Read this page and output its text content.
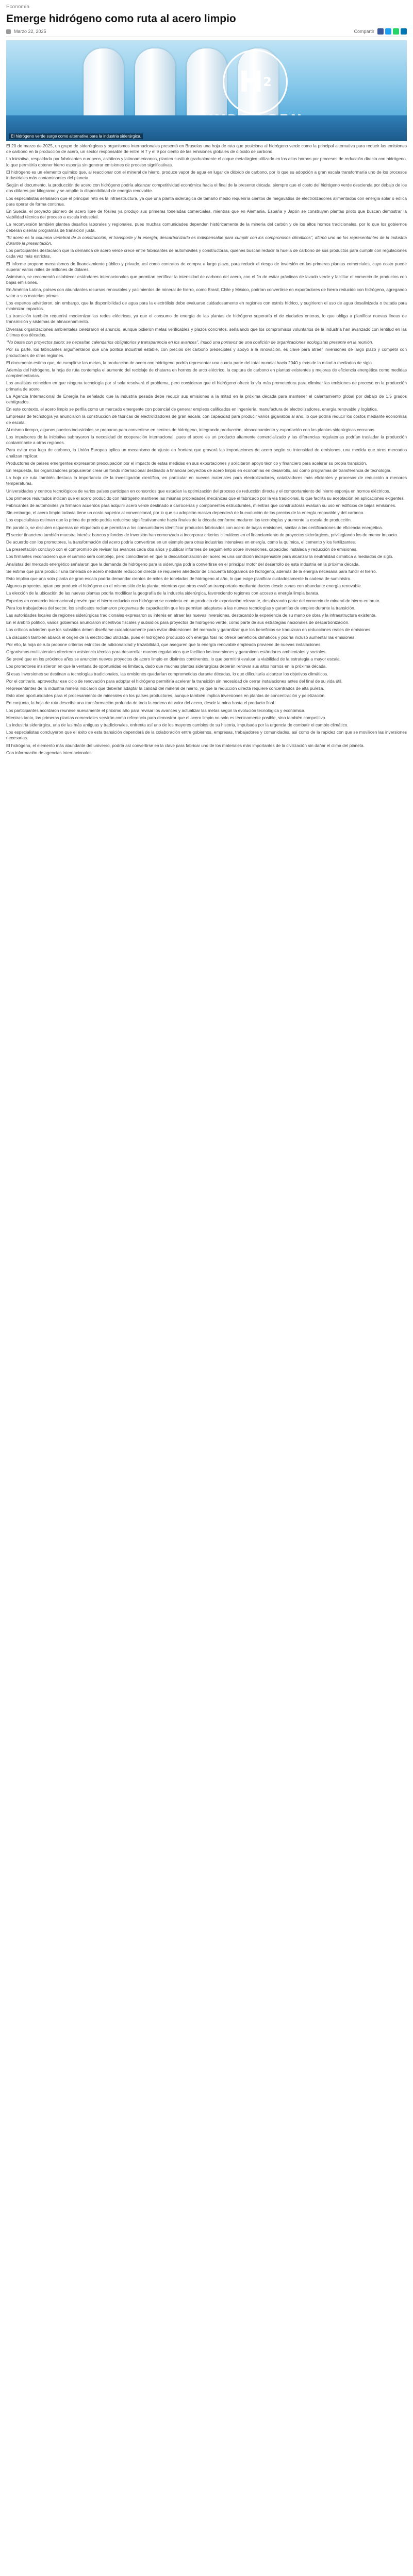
Economía
Emerge hidrógeno como ruta al acero limpio
Marzo 22, 2025	Compartir
H 2
El hidrógeno verde surge como alternativa para la industria siderúrgica.

El 20 de marzo de 2025, un grupo de siderúrgicas y organismos internacionales presentó en Bruselas una hoja de ruta que posiciona al hidrógeno verde como la principal alternativa para reducir las emisiones de carbono en la producción de acero, un sector responsable de entre el 7 y el 9 por ciento de las emisiones globales de dióxido de carbono.

La iniciativa, respaldada por fabricantes europeos, asiáticos y latinoamericanos, plantea sustituir gradualmente el coque metalúrgico utilizado en los altos hornos por procesos de reducción directa con hidrógeno, lo que permitiría obtener hierro esponja sin generar emisiones de proceso significativas.

El hidrógeno es un elemento químico que, al reaccionar con el mineral de hierro, produce vapor de agua en lugar de dióxido de carbono, por lo que su adopción a gran escala transformaría uno de los procesos industriales más contaminantes del planeta.

Según el documento, la producción de acero con hidrógeno podría alcanzar competitividad económica hacia el final de la presente década, siempre que el costo del hidrógeno verde descienda por debajo de los dos dólares por kilogramo y se amplíe la disponibilidad de energía renovable.

Los especialistas señalaron que el principal reto es la infraestructura, ya que una planta siderúrgica de tamaño medio requeriría cientos de megavatios de electrolizadores alimentados con energía solar o eólica para operar de forma continua.

En Suecia, el proyecto pionero de acero libre de fósiles ya produjo sus primeras toneladas comerciales, mientras que en Alemania, España y Japón se construyen plantas piloto que buscan demostrar la viabilidad técnica del proceso a escala industrial.

La reconversión también plantea desafíos laborales y regionales, pues muchas comunidades dependen históricamente de la minería del carbón y de los altos hornos tradicionales, por lo que los gobiernos deberán diseñar programas de transición justa.

“El acero es la columna vertebral de la construcción, el transporte y la energía; descarbonizarlo es indispensable para cumplir con los compromisos climáticos”, afirmó uno de los representantes de la industria durante la presentación.

Los participantes destacaron que la demanda de acero verde crece entre fabricantes de automóviles y constructoras, quienes buscan reducir la huella de carbono de sus productos para cumplir con regulaciones cada vez más estrictas.

El informe propone mecanismos de financiamiento público y privado, así como contratos de compra a largo plazo, para reducir el riesgo de inversión en las primeras plantas comerciales, cuyo costo puede superar varios miles de millones de dólares.

Asimismo, se recomendó establecer estándares internacionales que permitan certificar la intensidad de carbono del acero, con el fin de evitar prácticas de lavado verde y facilitar el comercio de productos con bajas emisiones.

En América Latina, países con abundantes recursos renovables y yacimientos de mineral de hierro, como Brasil, Chile y México, podrían convertirse en exportadores de hierro reducido con hidrógeno, agregando valor a sus materias primas.

Los expertos advirtieron, sin embargo, que la disponibilidad de agua para la electrólisis debe evaluarse cuidadosamente en regiones con estrés hídrico, y sugirieron el uso de agua desalinizada o tratada para minimizar impactos.

La transición también requerirá modernizar las redes eléctricas, ya que el consumo de energía de las plantas de hidrógeno superaría el de ciudades enteras, lo que obliga a planificar nuevas líneas de transmisión y sistemas de almacenamiento.

Diversas organizaciones ambientales celebraron el anuncio, aunque pidieron metas verificables y plazos concretos, señalando que los compromisos voluntarios de la industria han avanzado con lentitud en las últimas dos décadas.

“No basta con proyectos piloto; se necesitan calendarios obligatorios y transparencia en los avances”, indicó una portavoz de una coalición de organizaciones ecologistas presente en la reunión.

Por su parte, los fabricantes argumentaron que una política industrial estable, con precios del carbono predecibles y apoyo a la innovación, es clave para atraer inversiones de largo plazo y competir con productores de otras regiones.

El documento estima que, de cumplirse las metas, la producción de acero con hidrógeno podría representar una cuarta parte del total mundial hacia 2040 y más de la mitad a mediados de siglo.

Además del hidrógeno, la hoja de ruta contempla el aumento del reciclaje de chatarra en hornos de arco eléctrico, la captura de carbono en plantas existentes y mejoras de eficiencia energética como medidas complementarias.

Los analistas coinciden en que ninguna tecnología por sí sola resolverá el problema, pero consideran que el hidrógeno ofrece la vía más prometedora para eliminar las emisiones de proceso en la producción primaria de acero.

La Agencia Internacional de Energía ha señalado que la industria pesada debe reducir sus emisiones a la mitad en la próxima década para mantener el calentamiento global por debajo de 1,5 grados centígrados.

En este contexto, el acero limpio se perfila como un mercado emergente con potencial de generar empleos calificados en ingeniería, manufactura de electrolizadores, energía renovable y logística.

Empresas de tecnología ya anunciaron la construcción de fábricas de electrolizadores de gran escala, con capacidad para producir varios gigavatios al año, lo que podría reducir los costos mediante economías de escala.

Al mismo tiempo, algunos puertos industriales se preparan para convertirse en centros de hidrógeno, integrando producción, almacenamiento y exportación con las plantas siderúrgicas cercanas.

Los impulsores de la iniciativa subrayaron la necesidad de cooperación internacional, pues el acero es un producto altamente comercializado y las diferencias regulatorias podrían trasladar la producción contaminante a otras regiones.

Para evitar esa fuga de carbono, la Unión Europea aplica un mecanismo de ajuste en frontera que gravará las importaciones de acero según su intensidad de emisiones, una medida que otros mercados analizan replicar.

Productores de países emergentes expresaron preocupación por el impacto de estas medidas en sus exportaciones y solicitaron apoyo técnico y financiero para acelerar su propia transición.

En respuesta, los organizadores propusieron crear un fondo internacional destinado a financiar proyectos de acero limpio en economías en desarrollo, así como programas de transferencia de tecnología.

La hoja de ruta también destaca la importancia de la investigación científica, en particular en nuevos materiales para electrolizadores, catalizadores más eficientes y procesos de reducción a menores temperaturas.

Universidades y centros tecnológicos de varios países participan en consorcios que estudian la optimización del proceso de reducción directa y el comportamiento del hierro esponja en hornos eléctricos.

Los primeros resultados indican que el acero producido con hidrógeno mantiene las mismas propiedades mecánicas que el fabricado por la vía tradicional, lo que facilita su aceptación en aplicaciones exigentes.

Fabricantes de automóviles ya firmaron acuerdos para adquirir acero verde destinado a carrocerías y componentes estructurales, mientras que constructoras evalúan su uso en edificios de bajas emisiones.

Sin embargo, el acero limpio todavía tiene un costo superior al convencional, por lo que su adopción masiva dependerá de la evolución de los precios de la energía renovable y del carbono.

Los especialistas estiman que la prima de precio podría reducirse significativamente hacia finales de la década conforme maduren las tecnologías y aumente la escala de producción.

En paralelo, se discuten esquemas de etiquetado que permitan a los consumidores identificar productos fabricados con acero de bajas emisiones, similar a las certificaciones de eficiencia energética.

El sector financiero también muestra interés: bancos y fondos de inversión han comenzado a incorporar criterios climáticos en el financiamiento de proyectos siderúrgicos, privilegiando los de menor impacto.

De acuerdo con los promotores, la transformación del acero podría convertirse en un ejemplo para otras industrias intensivas en energía, como la química, el cemento y los fertilizantes.

La presentación concluyó con el compromiso de revisar los avances cada dos años y publicar informes de seguimiento sobre inversiones, capacidad instalada y reducción de emisiones.

Los firmantes reconocieron que el camino será complejo, pero coincidieron en que la descarbonización del acero es una condición indispensable para alcanzar la neutralidad climática a mediados de siglo.

Analistas del mercado energético señalaron que la demanda de hidrógeno para la siderurgia podría convertirse en el principal motor del desarrollo de esta industria en la próxima década.

Se estima que para producir una tonelada de acero mediante reducción directa se requieren alrededor de cincuenta kilogramos de hidrógeno, además de la energía necesaria para fundir el hierro.

Esto implica que una sola planta de gran escala podría demandar cientos de miles de toneladas de hidrógeno al año, lo que exige planificar cuidadosamente la cadena de suministro.

Algunos proyectos optan por producir el hidrógeno en el mismo sitio de la planta, mientras que otros evalúan transportarlo mediante ductos desde zonas con abundante energía renovable.

La elección de la ubicación de las nuevas plantas podría modificar la geografía de la industria siderúrgica, favoreciendo regiones con acceso a energía limpia barata.

Expertos en comercio internacional prevén que el hierro reducido con hidrógeno se convierta en un producto de exportación relevante, desplazando parte del comercio de mineral de hierro en bruto.

Para los trabajadores del sector, los sindicatos reclamaron programas de capacitación que les permitan adaptarse a las nuevas tecnologías y garantías de empleo durante la transición.

Las autoridades locales de regiones siderúrgicas tradicionales expresaron su interés en atraer las nuevas inversiones, destacando la experiencia de su mano de obra y la infraestructura existente.

En el ámbito político, varios gobiernos anunciaron incentivos fiscales y subsidios para proyectos de hidrógeno verde, como parte de sus estrategias nacionales de descarbonización.

Los críticos advierten que los subsidios deben diseñarse cuidadosamente para evitar distorsiones del mercado y garantizar que los beneficios se traduzcan en reducciones reales de emisiones.

La discusión también abarca el origen de la electricidad utilizada, pues el hidrógeno producido con energía fósil no ofrece beneficios climáticos y podría incluso aumentar las emisiones.

Por ello, la hoja de ruta propone criterios estrictos de adicionalidad y trazabilidad, que aseguren que la energía renovable empleada proviene de nuevas instalaciones.

Organismos multilaterales ofrecieron asistencia técnica para desarrollar marcos regulatorios que faciliten las inversiones y garanticen estándares ambientales y sociales.

Se prevé que en los próximos años se anuncien nuevos proyectos de acero limpio en distintos continentes, lo que permitirá evaluar la viabilidad de la estrategia a mayor escala.

Los promotores insistieron en que la ventana de oportunidad es limitada, dado que muchas plantas siderúrgicas deberán renovar sus altos hornos en la próxima década.

Si esas inversiones se destinan a tecnologías tradicionales, las emisiones quedarían comprometidas durante décadas, lo que dificultaría alcanzar los objetivos climáticos.

Por el contrario, aprovechar ese ciclo de renovación para adoptar el hidrógeno permitiría acelerar la transición sin necesidad de cerrar instalaciones antes del final de su vida útil.

Representantes de la industria minera indicaron que deberán adaptar la calidad del mineral de hierro, ya que la reducción directa requiere concentrados de alta pureza.

Esto abre oportunidades para el procesamiento de minerales en los países productores, aunque también implica inversiones en plantas de concentración y peletización.

En conjunto, la hoja de ruta describe una transformación profunda de toda la cadena de valor del acero, desde la mina hasta el producto final.

Los participantes acordaron reunirse nuevamente el próximo año para revisar los avances y actualizar las metas según la evolución tecnológica y económica.

Mientras tanto, las primeras plantas comerciales servirán como referencia para demostrar que el acero limpio no solo es técnicamente posible, sino también competitivo.

La industria siderúrgica, una de las más antiguas y tradicionales, enfrenta así uno de los mayores cambios de su historia, impulsada por la urgencia de combatir el cambio climático.

Los especialistas concluyeron que el éxito de esta transición dependerá de la colaboración entre gobiernos, empresas, trabajadores y comunidades, así como de la rapidez con que se movilicen las inversiones necesarias.

El hidrógeno, el elemento más abundante del universo, podría así convertirse en la clave para fabricar uno de los materiales más importantes de la civilización sin dañar el clima del planeta.

Con información de agencias internacionales.
